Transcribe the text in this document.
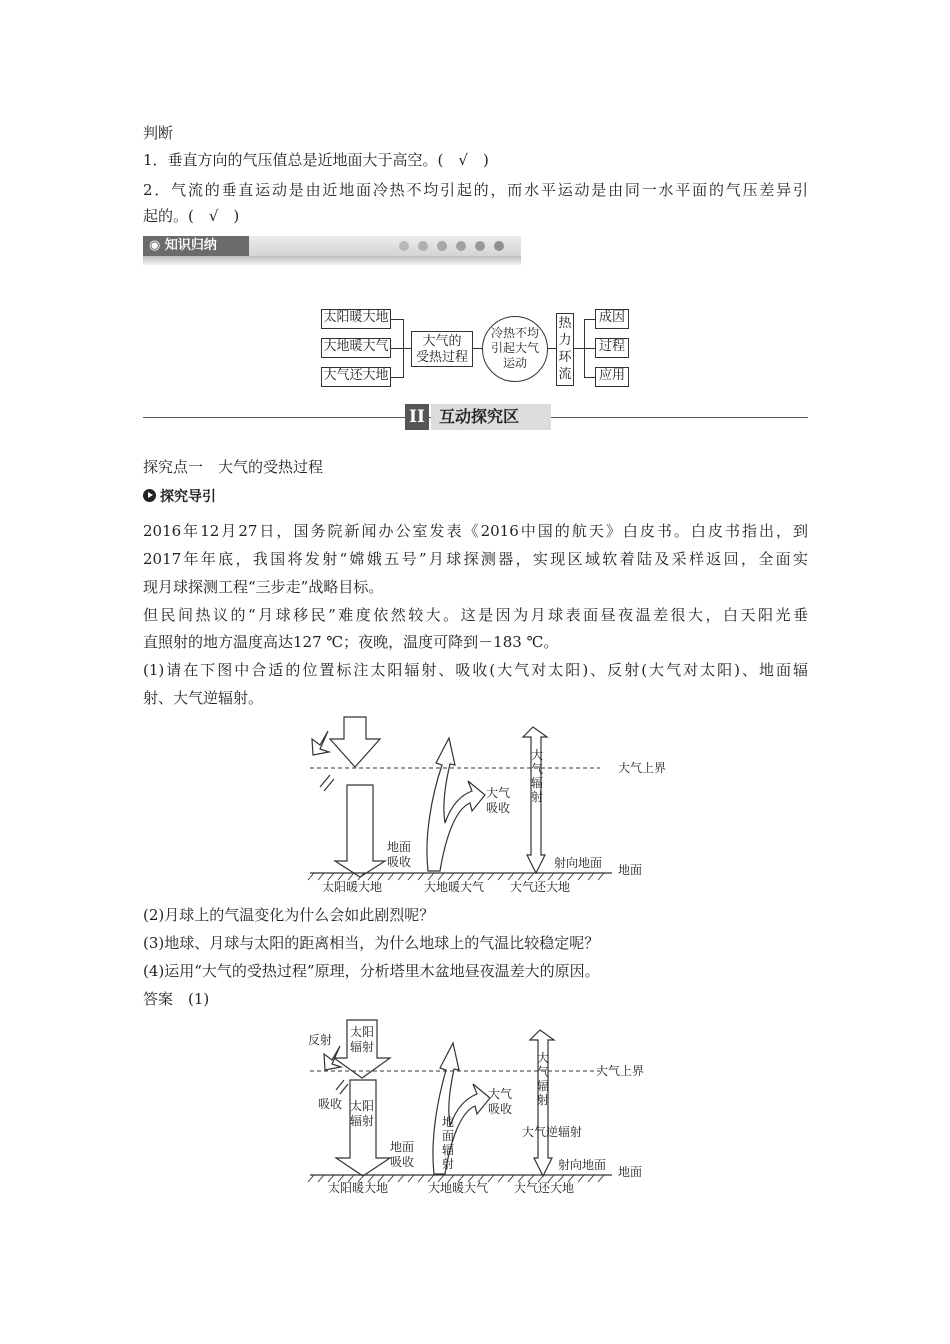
判断
1．垂直方向的气压值总是近地面大于高空。(　√　)
2．气流的垂直运动是由近地面冷热不均引起的，而水平运动是由同一水平面的气压差异引
起的。(　√　)
◉ 知识归纳
太阳暖大地
大地暖大气
大气还大地
大气的
受热过程
冷热不均
引起大气
运动
热
力
环
流
成因
过程
应用
II 互动探究区
探究点一　大气的受热过程
探究导引
2016年12月27日，国务院新闻办公室发表《2016中国的航天》白皮书。白皮书指出，到
2017年年底，我国将发射“嫦娥五号”月球探测器，实现区域软着陆及采样返回，全面实
现月球探测工程“三步走”战略目标。
但民间热议的“月球移民”难度依然较大。这是因为月球表面昼夜温差很大，白天阳光垂
直照射的地方温度高达127 ℃；夜晚，温度可降到－183 ℃。
(1)请在下图中合适的位置标注太阳辐射、吸收(大气对太阳)、反射(大气对太阳)、地面辐
射、大气逆辐射。
大气上界
地面
地面
吸收
大气
吸收
大
气
辐
射
射向地面
太阳暖大地	大地暖大气 大气还大地
(2)月球上的气温变化为什么会如此剧烈呢？
(3)地球、月球与太阳的距离相当，为什么地球上的气温比较稳定呢？
(4)运用“大气的受热过程”原理，分析塔里木盆地昼夜温差大的原因。
答案　(1)
大气上界
地面
反射
吸收
太阳
辐射
太阳
辐射
地面
吸收
地
面
辐
射
大气
吸收
大
气
辐
射
大气逆辐射
射向地面
太阳暖大地	大地暖大气 大气还大地
